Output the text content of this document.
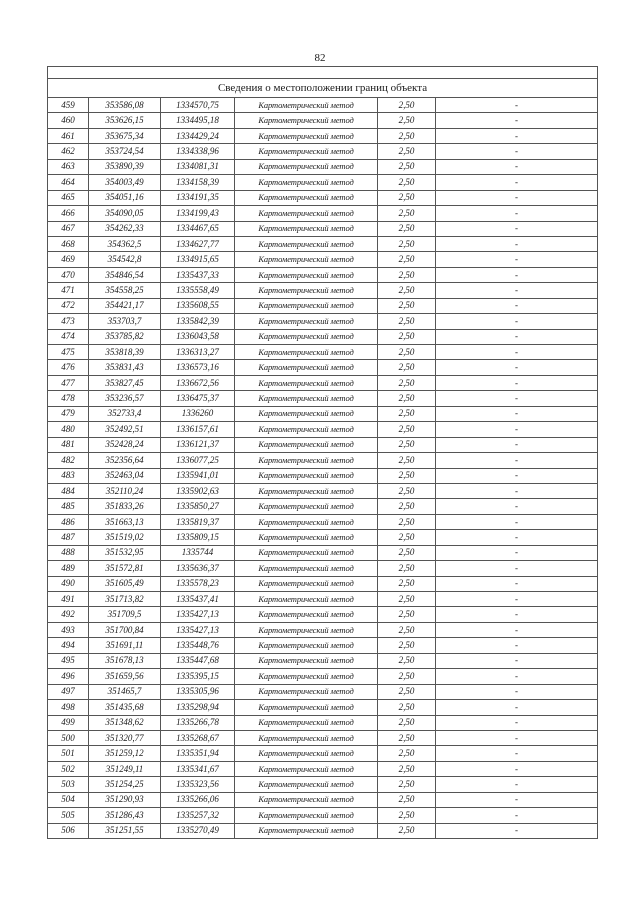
82

Сведения о местоположении границ объекта					
459	353586,08	1334570,75	Картометрический метод	2,50	-
460	353626,15	1334495,18	Картометрический метод	2,50	-
461	353675,34	1334429,24	Картометрический метод	2,50	-
462	353724,54	1334338,96	Картометрический метод	2,50	-
463	353890,39	1334081,31	Картометрический метод	2,50	-
464	354003,49	1334158,39	Картометрический метод	2,50	-
465	354051,16	1334191,35	Картометрический метод	2,50	-
466	354090,05	1334199,43	Картометрический метод	2,50	-
467	354262,33	1334467,65	Картометрический метод	2,50	-
468	354362,5	1334627,77	Картометрический метод	2,50	-
469	354542,8	1334915,65	Картометрический метод	2,50	-
470	354846,54	1335437,33	Картометрический метод	2,50	-
471	354558,25	1335558,49	Картометрический метод	2,50	-
472	354421,17	1335608,55	Картометрический метод	2,50	-
473	353703,7	1335842,39	Картометрический метод	2,50	-
474	353785,82	1336043,58	Картометрический метод	2,50	-
475	353818,39	1336313,27	Картометрический метод	2,50	-
476	353831,43	1336573,16	Картометрический метод	2,50	-
477	353827,45	1336672,56	Картометрический метод	2,50	-
478	353236,57	1336475,37	Картометрический метод	2,50	-
479	352733,4	1336260	Картометрический метод	2,50	-
480	352492,51	1336157,61	Картометрический метод	2,50	-
481	352428,24	1336121,37	Картометрический метод	2,50	-
482	352356,64	1336077,25	Картометрический метод	2,50	-
483	352463,04	1335941,01	Картометрический метод	2,50	-
484	352110,24	1335902,63	Картометрический метод	2,50	-
485	351833,26	1335850,27	Картометрический метод	2,50	-
486	351663,13	1335819,37	Картометрический метод	2,50	-
487	351519,02	1335809,15	Картометрический метод	2,50	-
488	351532,95	1335744	Картометрический метод	2,50	-
489	351572,81	1335636,37	Картометрический метод	2,50	-
490	351605,49	1335578,23	Картометрический метод	2,50	-
491	351713,82	1335437,41	Картометрический метод	2,50	-
492	351709,5	1335427,13	Картометрический метод	2,50	-
493	351700,84	1335427,13	Картометрический метод	2,50	-
494	351691,11	1335448,76	Картометрический метод	2,50	-
495	351678,13	1335447,68	Картометрический метод	2,50	-
496	351659,56	1335395,15	Картометрический метод	2,50	-
497	351465,7	1335305,96	Картометрический метод	2,50	-
498	351435,68	1335298,94	Картометрический метод	2,50	-
499	351348,62	1335266,78	Картометрический метод	2,50	-
500	351320,77	1335268,67	Картометрический метод	2,50	-
501	351259,12	1335351,94	Картометрический метод	2,50	-
502	351249,11	1335341,67	Картометрический метод	2,50	-
503	351254,25	1335323,56	Картометрический метод	2,50	-
504	351290,93	1335266,06	Картометрический метод	2,50	-
505	351286,43	1335257,32	Картометрический метод	2,50	-
506	351251,55	1335270,49	Картометрический метод	2,50	-
